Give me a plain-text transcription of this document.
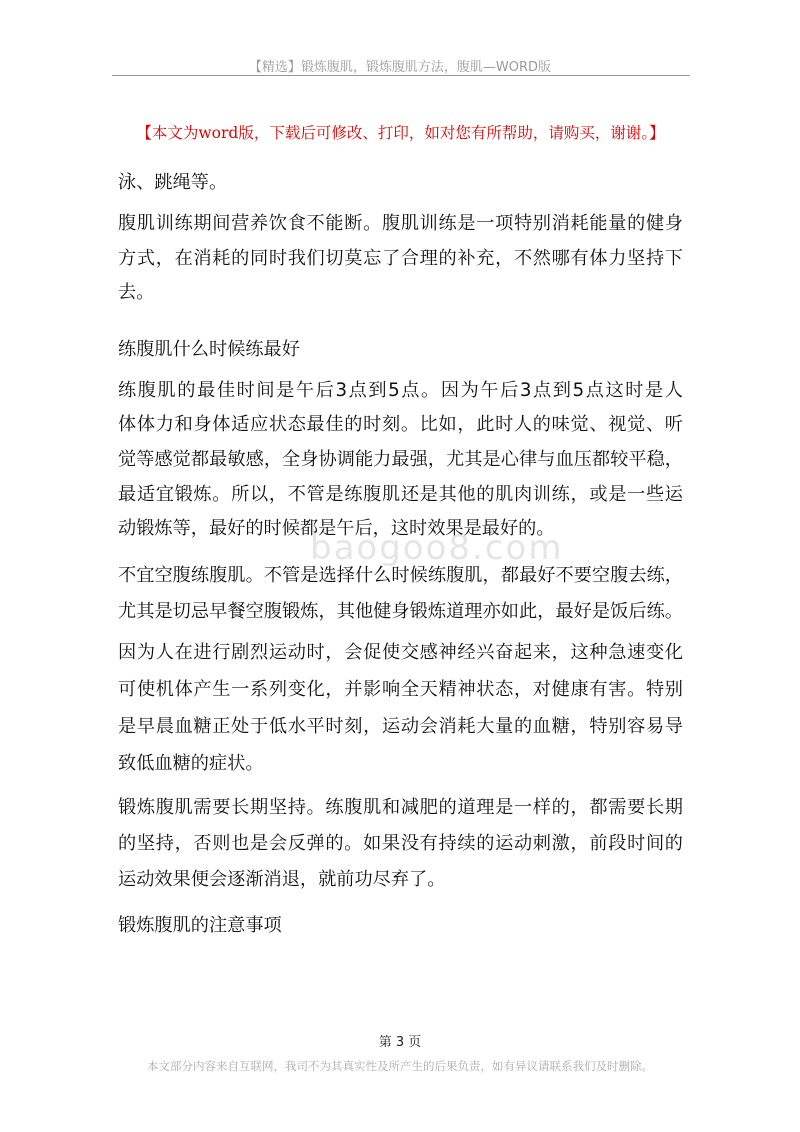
【精选】锻炼腹肌，锻炼腹肌方法，腹肌—WORD版
【本文为word版，下载后可修改、打印，如对您有所帮助，请购买，谢谢。】
baogoo8.com
泳、跳绳等。
腹肌训练期间营养饮食不能断。腹肌训练是一项特别消耗能量的健身
方式，在消耗的同时我们切莫忘了合理的补充，不然哪有体力坚持下
去。
练腹肌什么时候练最好
练腹肌的最佳时间是午后3点到5点。因为午后3点到5点这时是人
体体力和身体适应状态最佳的时刻。比如，此时人的味觉、视觉、听
觉等感觉都最敏感，全身协调能力最强，尤其是心律与血压都较平稳，
最适宜锻炼。所以，不管是练腹肌还是其他的肌肉训练，或是一些运
动锻炼等，最好的时候都是午后，这时效果是最好的。
不宜空腹练腹肌。不管是选择什么时候练腹肌，都最好不要空腹去练，
尤其是切忌早餐空腹锻炼，其他健身锻炼道理亦如此，最好是饭后练。
因为人在进行剧烈运动时，会促使交感神经兴奋起来，这种急速变化
可使机体产生一系列变化，并影响全天精神状态，对健康有害。特别
是早晨血糖正处于低水平时刻，运动会消耗大量的血糖，特别容易导
致低血糖的症状。
锻炼腹肌需要长期坚持。练腹肌和减肥的道理是一样的，都需要长期
的坚持，否则也是会反弹的。如果没有持续的运动刺激，前段时间的
运动效果便会逐渐消退，就前功尽弃了。
锻炼腹肌的注意事项
第 3 页
本文部分内容来自互联网，我司不为其真实性及所产生的后果负责，如有异议请联系我们及时删除。
